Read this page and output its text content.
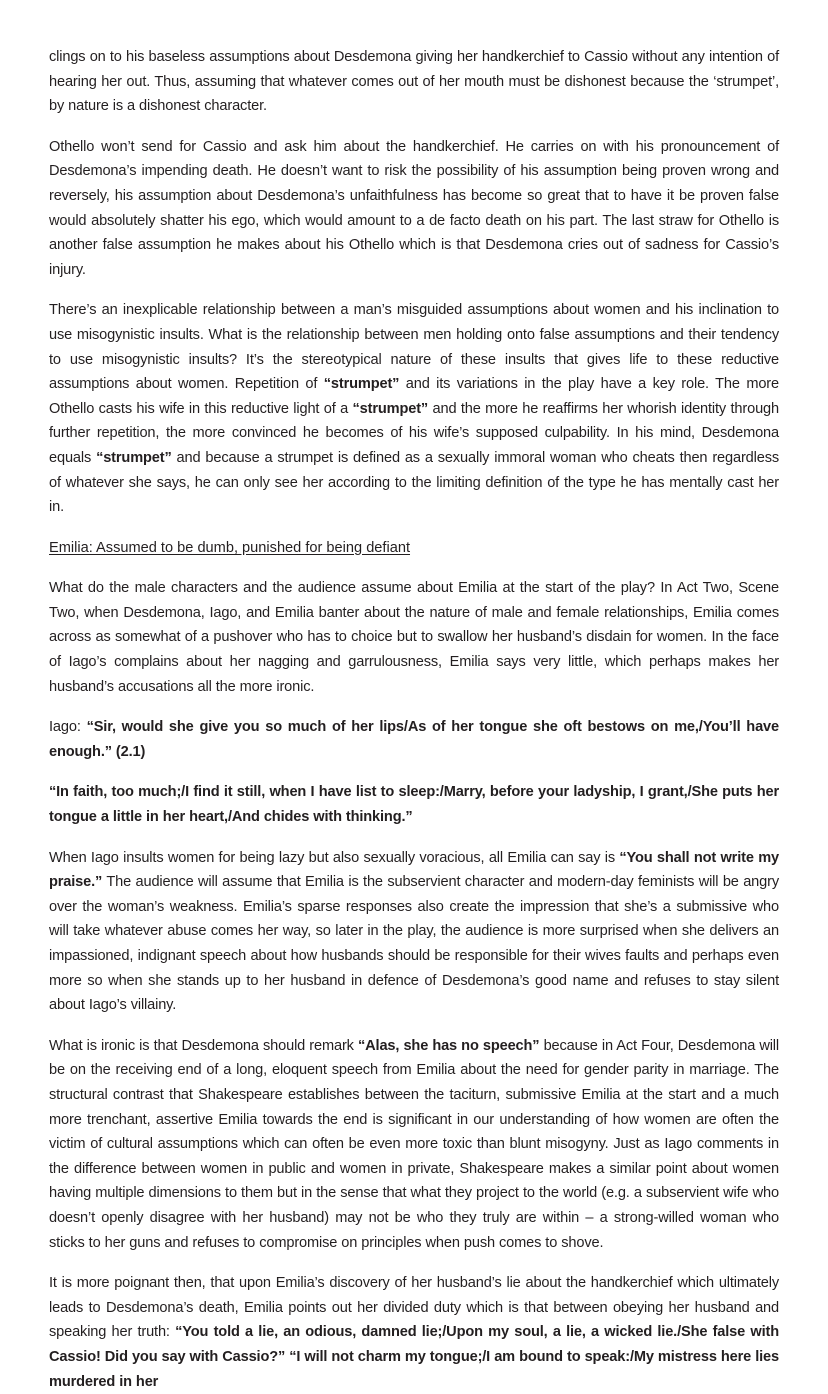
clings on to his baseless assumptions about Desdemona giving her handkerchief to Cassio without any intention of hearing her out. Thus, assuming that whatever comes out of her mouth must be dishonest because the ‘strumpet’, by nature is a dishonest character.

Othello won’t send for Cassio and ask him about the handkerchief. He carries on with his pronouncement of Desdemona’s impending death. He doesn’t want to risk the possibility of his assumption being proven wrong and reversely, his assumption about Desdemona’s unfaithfulness has become so great that to have it be proven false would absolutely shatter his ego, which would amount to a de facto death on his part. The last straw for Othello is another false assumption he makes about his Othello which is that Desdemona cries out of sadness for Cassio’s injury.

There’s an inexplicable relationship between a man’s misguided assumptions about women and his inclination to use misogynistic insults. What is the relationship between men holding onto false assumptions and their tendency to use misogynistic insults? It’s the stereotypical nature of these insults that gives life to these reductive assumptions about women. Repetition of “strumpet” and its variations in the play have a key role. The more Othello casts his wife in this reductive light of a “strumpet” and the more he reaffirms her whorish identity through further repetition, the more convinced he becomes of his wife’s supposed culpability. In his mind, Desdemona equals “strumpet” and because a strumpet is defined as a sexually immoral woman who cheats then regardless of whatever she says, he can only see her according to the limiting definition of the type he has mentally cast her in.

Emilia: Assumed to be dumb, punished for being defiant

What do the male characters and the audience assume about Emilia at the start of the play? In Act Two, Scene Two, when Desdemona, Iago, and Emilia banter about the nature of male and female relationships, Emilia comes across as somewhat of a pushover who has to choice but to swallow her husband’s disdain for women. In the face of Iago’s complains about her nagging and garrulousness, Emilia says very little, which perhaps makes her husband’s accusations all the more ironic.

Iago: “Sir, would she give you so much of her lips/As of her tongue she oft bestows on me,/You’ll have enough.” (2.1)

“In faith, too much;/I find it still, when I have list to sleep:/Marry, before your ladyship, I grant,/She puts her tongue a little in her heart,/And chides with thinking.”

When Iago insults women for being lazy but also sexually voracious, all Emilia can say is “You shall not write my praise.” The audience will assume that Emilia is the subservient character and modern-day feminists will be angry over the woman’s weakness. Emilia’s sparse responses also create the impression that she’s a submissive who will take whatever abuse comes her way, so later in the play, the audience is more surprised when she delivers an impassioned, indignant speech about how husbands should be responsible for their wives faults and perhaps even more so when she stands up to her husband in defence of Desdemona’s good name and refuses to stay silent about Iago’s villainy.

What is ironic is that Desdemona should remark “Alas, she has no speech” because in Act Four, Desdemona will be on the receiving end of a long, eloquent speech from Emilia about the need for gender parity in marriage. The structural contrast that Shakespeare establishes between the taciturn, submissive Emilia at the start and a much more trenchant, assertive Emilia towards the end is significant in our understanding of how women are often the victim of cultural assumptions which can often be even more toxic than blunt misogyny. Just as Iago comments in the difference between women in public and women in private, Shakespeare makes a similar point about women having multiple dimensions to them but in the sense that what they project to the world (e.g. a subservient wife who doesn’t openly disagree with her husband) may not be who they truly are within – a strong-willed woman who sticks to her guns and refuses to compromise on principles when push comes to shove.

It is more poignant then, that upon Emilia’s discovery of her husband’s lie about the handkerchief which ultimately leads to Desdemona’s death, Emilia points out her divided duty which is that between obeying her husband and speaking her truth: “You told a lie, an odious, damned lie;/Upon my soul, a lie, a wicked lie./She false with Cassio! Did you say with Cassio?” “I will not charm my tongue;/I am bound to speak:/My mistress here lies murdered in her
